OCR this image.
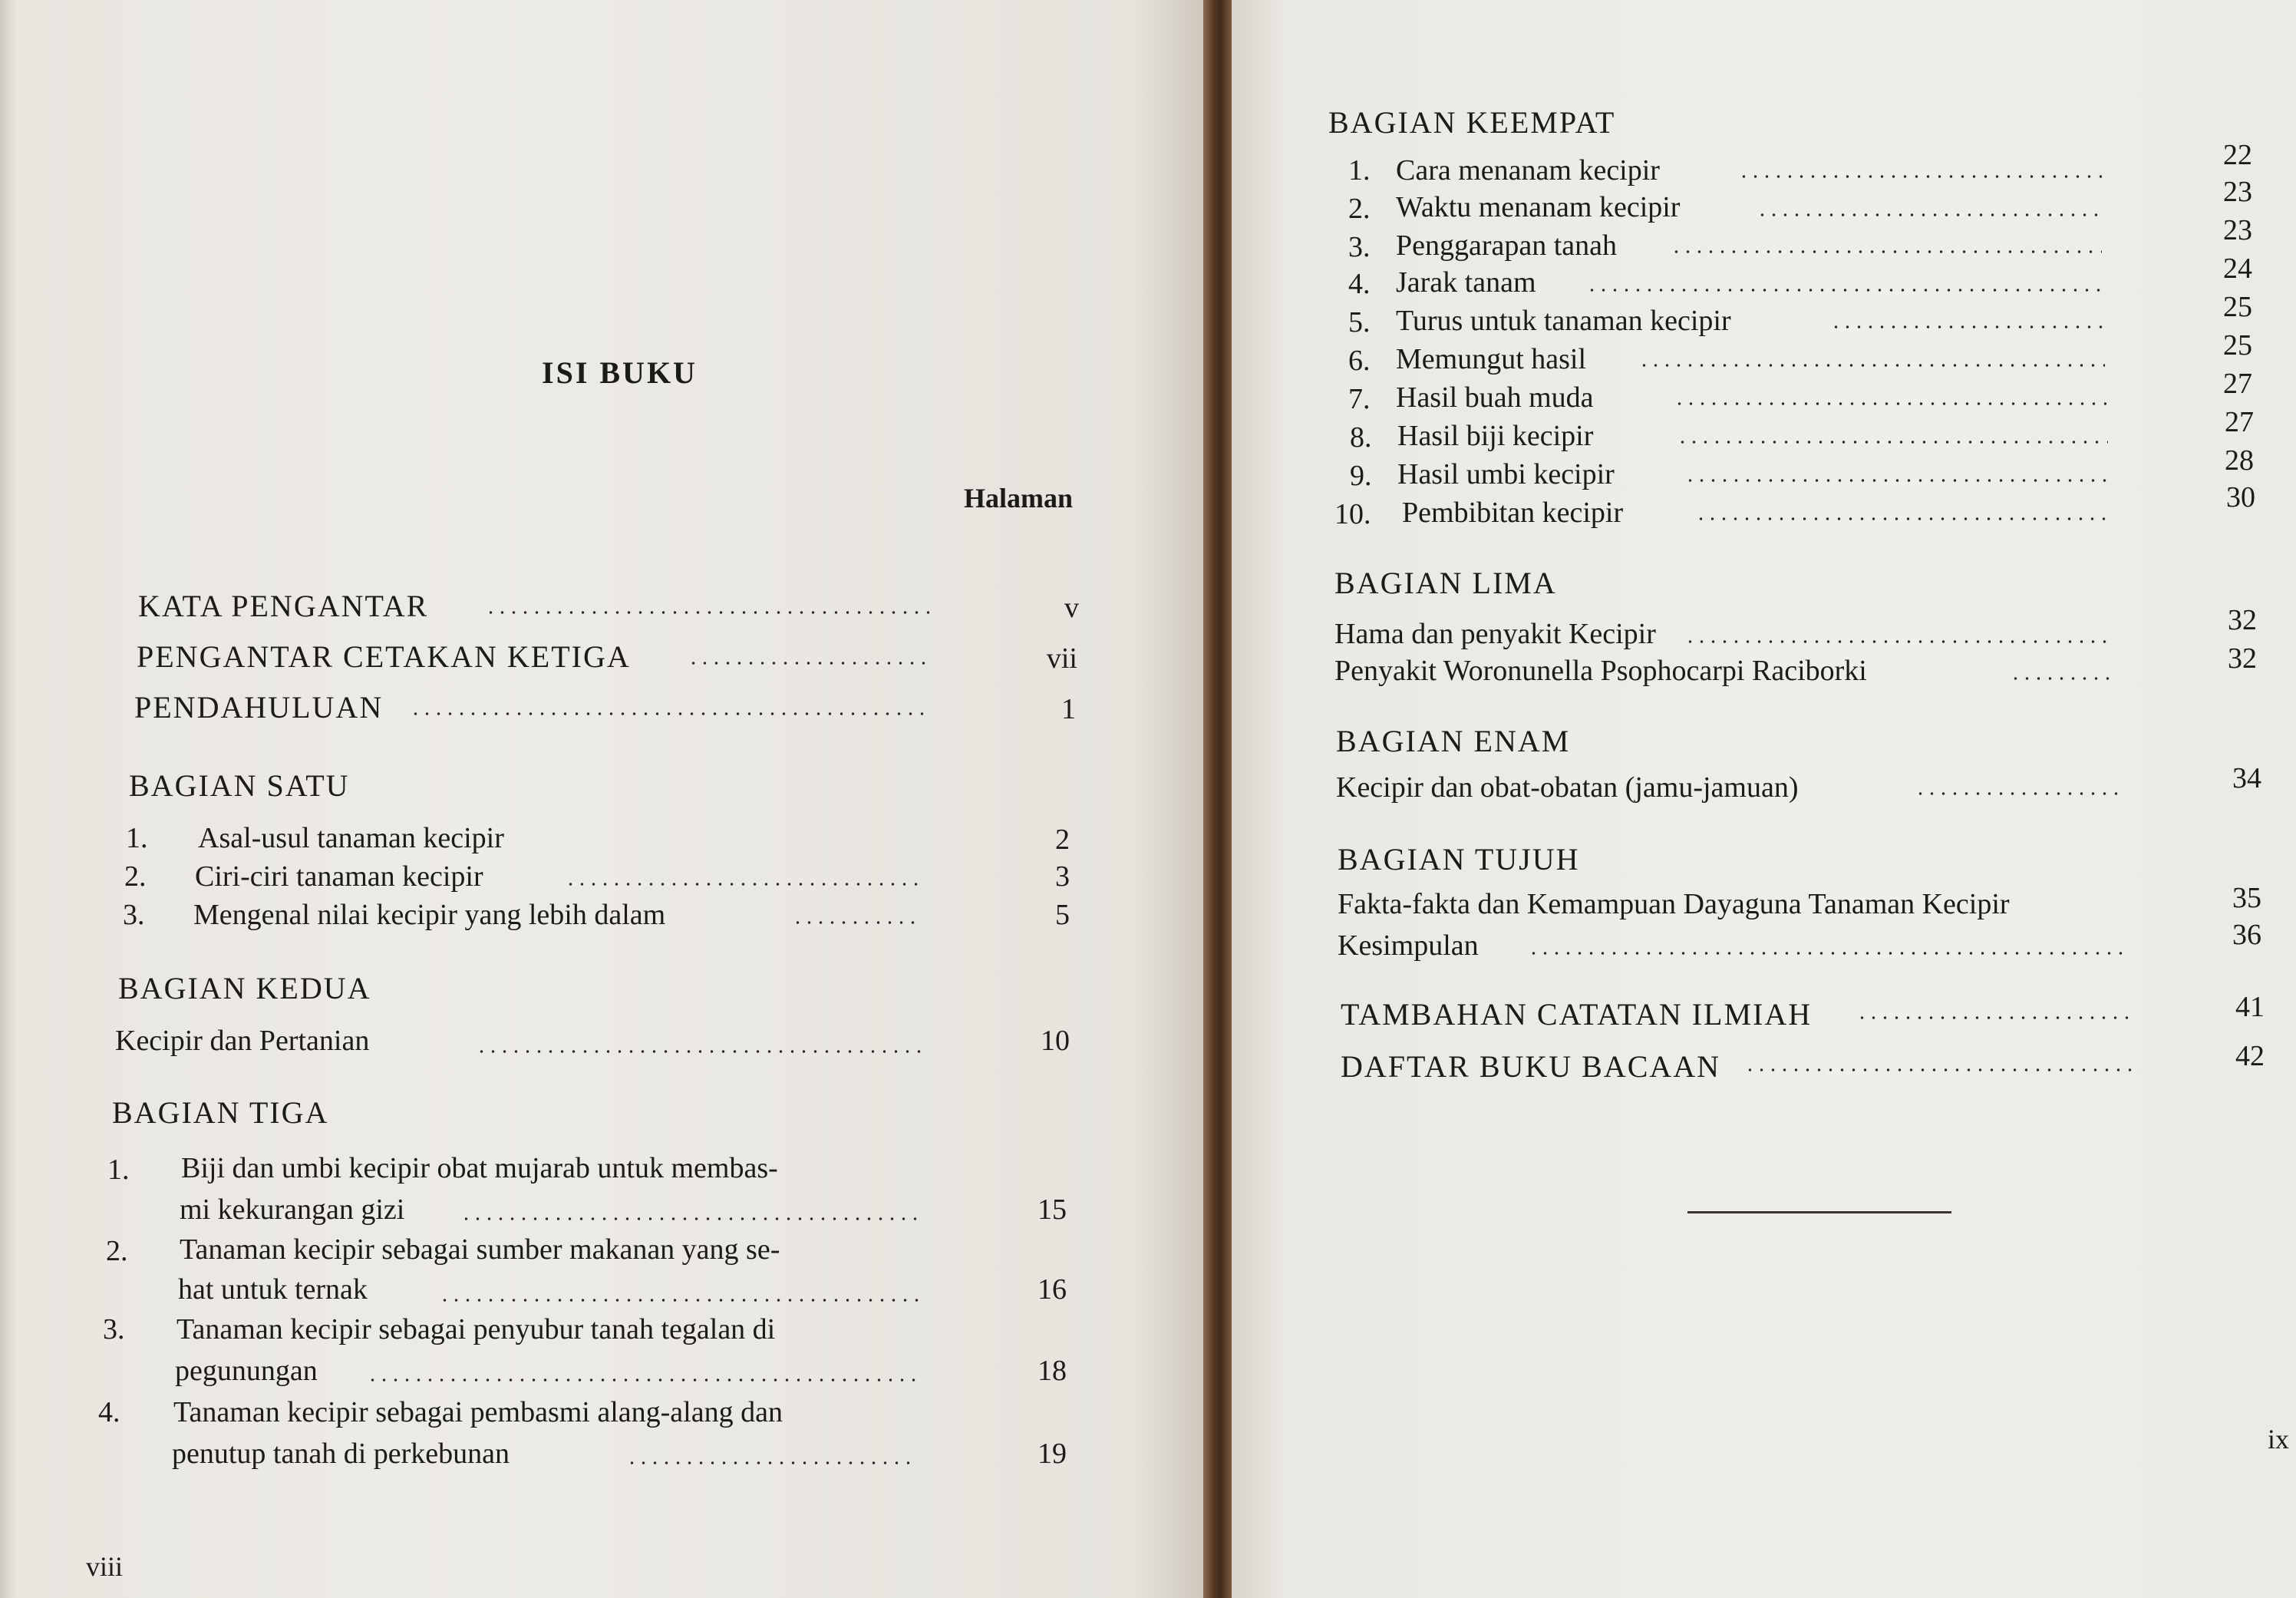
ISI BUKU
Halaman
KATA PENGANTAR	v
PENGANTAR CETAKAN KETIGA	vii
PENDAHULUAN	1
BAGIAN SATU
1. Asal-usul tanaman kecipir	2
2. Ciri-ciri tanaman kecipir	3
3. Mengenal nilai kecipir yang lebih dalam	5
BAGIAN KEDUA
Kecipir dan Pertanian	10
BAGIAN TIGA
1. Biji dan umbi kecipir obat mujarab untuk membas-
mi kekurangan gizi	15
2. Tanaman kecipir sebagai sumber makanan yang se-
hat untuk ternak	16
3. Tanaman kecipir sebagai penyubur tanah tegalan di
pegunungan	18
4. Tanaman kecipir sebagai pembasmi alang-alang dan
penutup tanah di perkebunan	19
viii
BAGIAN KEEMPAT
1. Cara menanam kecipir	22
2. Waktu menanam kecipir	23
3. Penggarapan tanah	23
4. Jarak tanam	24
5. Turus untuk tanaman kecipir	25
6. Memungut hasil	25
7. Hasil buah muda	27
8. Hasil biji kecipir	27
9. Hasil umbi kecipir	28
10. Pembibitan kecipir	30
BAGIAN LIMA
Hama dan penyakit Kecipir	32
Penyakit Woronunella Psophocarpi Raciborki	32
BAGIAN ENAM
Kecipir dan obat-obatan (jamu-jamuan)	34
BAGIAN TUJUH
Fakta-fakta dan Kemampuan Dayaguna Tanaman Kecipir	35
Kesimpulan	36
TAMBAHAN CATATAN ILMIAH	41
DAFTAR BUKU BACAAN	42
ix
